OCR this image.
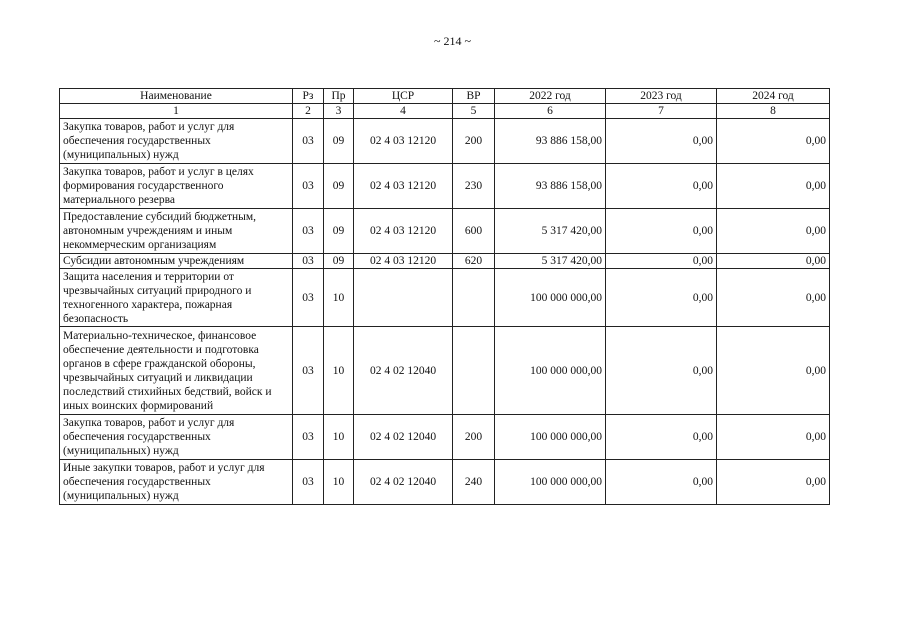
~ 214 ~
Наименование	Рз	Пр	ЦСР	ВР	2022 год	2023 год	2024 год
1	2	3	4	5	6	7	8
Закупка товаров, работ и услуг для обеспечения государственных (муниципальных) нужд	03	09	02 4 03 12120	200	93 886 158,00	0,00	0,00
Закупка товаров, работ и услуг в целях формирования государственного материального резерва	03	09	02 4 03 12120	230	93 886 158,00	0,00	0,00
Предоставление субсидий бюджетным, автономным учреждениям и иным некоммерческим организациям	03	09	02 4 03 12120	600	5 317 420,00	0,00	0,00
Субсидии автономным учреждениям	03	09	02 4 03 12120	620	5 317 420,00	0,00	0,00
Защита населения и территории от чрезвычайных ситуаций природного и техногенного характера, пожарная безопасность	03	10			100 000 000,00	0,00	0,00
Материально-техническое, финансовое обеспечение деятельности и подготовка органов в сфере гражданской обороны, чрезвычайных ситуаций и ликвидации последствий стихийных бедствий, войск и иных воинских формирований	03	10	02 4 02 12040		100 000 000,00	0,00	0,00
Закупка товаров, работ и услуг для обеспечения государственных (муниципальных) нужд	03	10	02 4 02 12040	200	100 000 000,00	0,00	0,00
Иные закупки товаров, работ и услуг для обеспечения государственных (муниципальных) нужд	03	10	02 4 02 12040	240	100 000 000,00	0,00	0,00
